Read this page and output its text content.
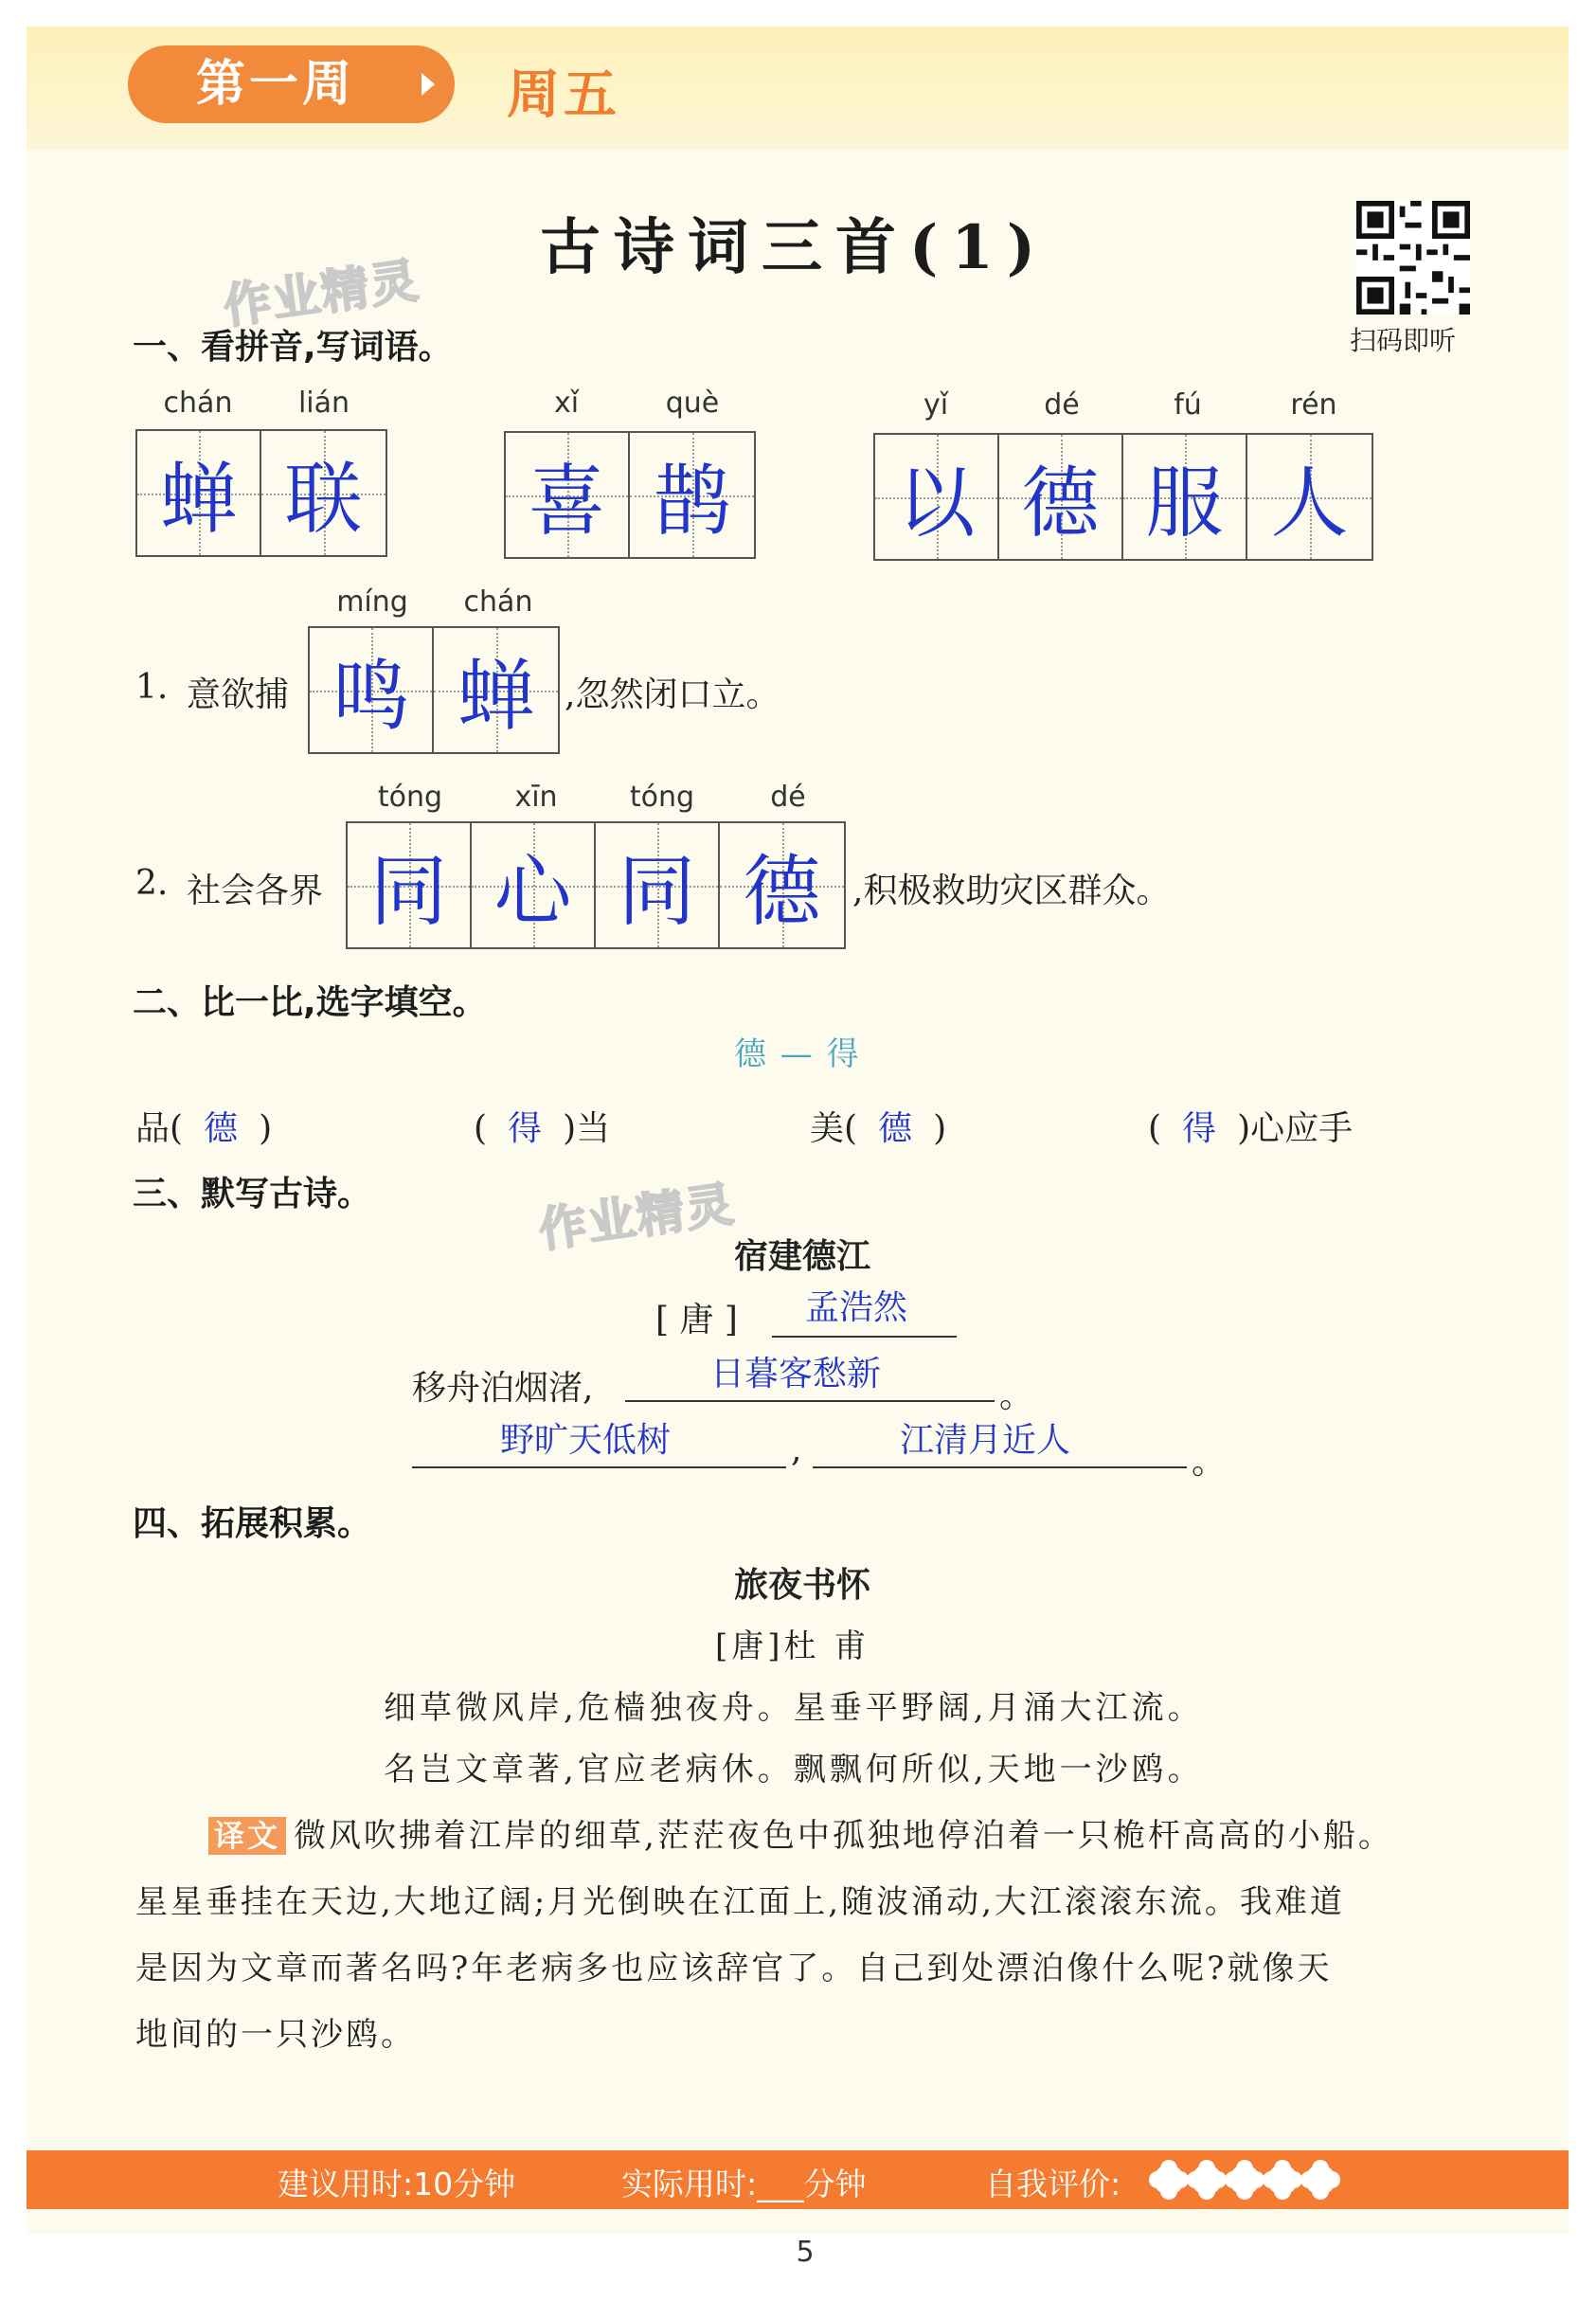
第一周	周五
古诗词三首(1)
扫码即听
作业精灵
作业精灵
一、看拼音,写词语。
chán	lián
蝉 联
xǐ	què
喜 鹊
yǐ	dé	fú	rén
以 德 服 人
míng	chán
1. 意欲捕 鸣 蝉 ,忽然闭口立。
tóng	xīn	tóng	dé
2. 社会各界 同 心 同 德 ,积极救助灾区群众。
二、比一比,选字填空。
德 — 得
品( 德 )	( 得 )当	美( 德 )	( 得 )心应手
三、默写古诗。
宿建德江
[ 唐 ] 孟浩然
移舟泊烟渚,	日暮客愁新
。
野旷天低树	,	江清月近人
。
四、拓展积累。
旅夜书怀
[唐]杜 甫
细草微风岸,危樯独夜舟。星垂平野阔,月涌大江流。
名岂文章著,官应老病休。飘飘何所似,天地一沙鸥。
译文 微风吹拂着江岸的细草,茫茫夜色中孤独地停泊着一只桅杆高高的小船。
星星垂挂在天边,大地辽阔;月光倒映在江面上,随波涌动,大江滚滚东流。我难道
是因为文章而著名吗?年老病多也应该辞官了。自己到处漂泊像什么呢?就像天
地间的一只沙鸥。
建议用时:10分钟	实际用时:___分钟	自我评价:
5
